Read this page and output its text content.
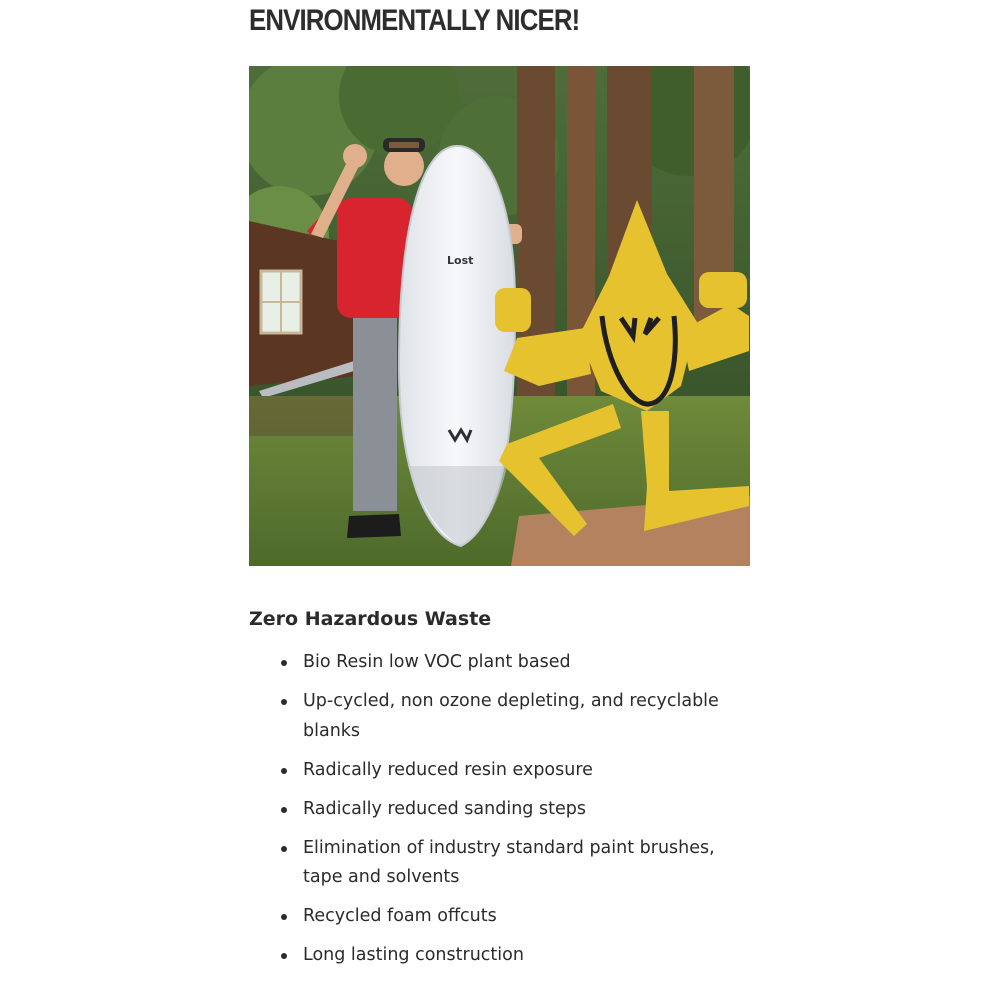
ENVIRONMENTALLY NICER!
Lost
Zero Hazardous Waste
Bio Resin low VOC plant based
Up-cycled, non ozone depleting, and recyclable blanks
Radically reduced resin exposure
Radically reduced sanding steps
Elimination of industry standard paint brushes, tape and solvents
Recycled foam offcuts
Long lasting construction
